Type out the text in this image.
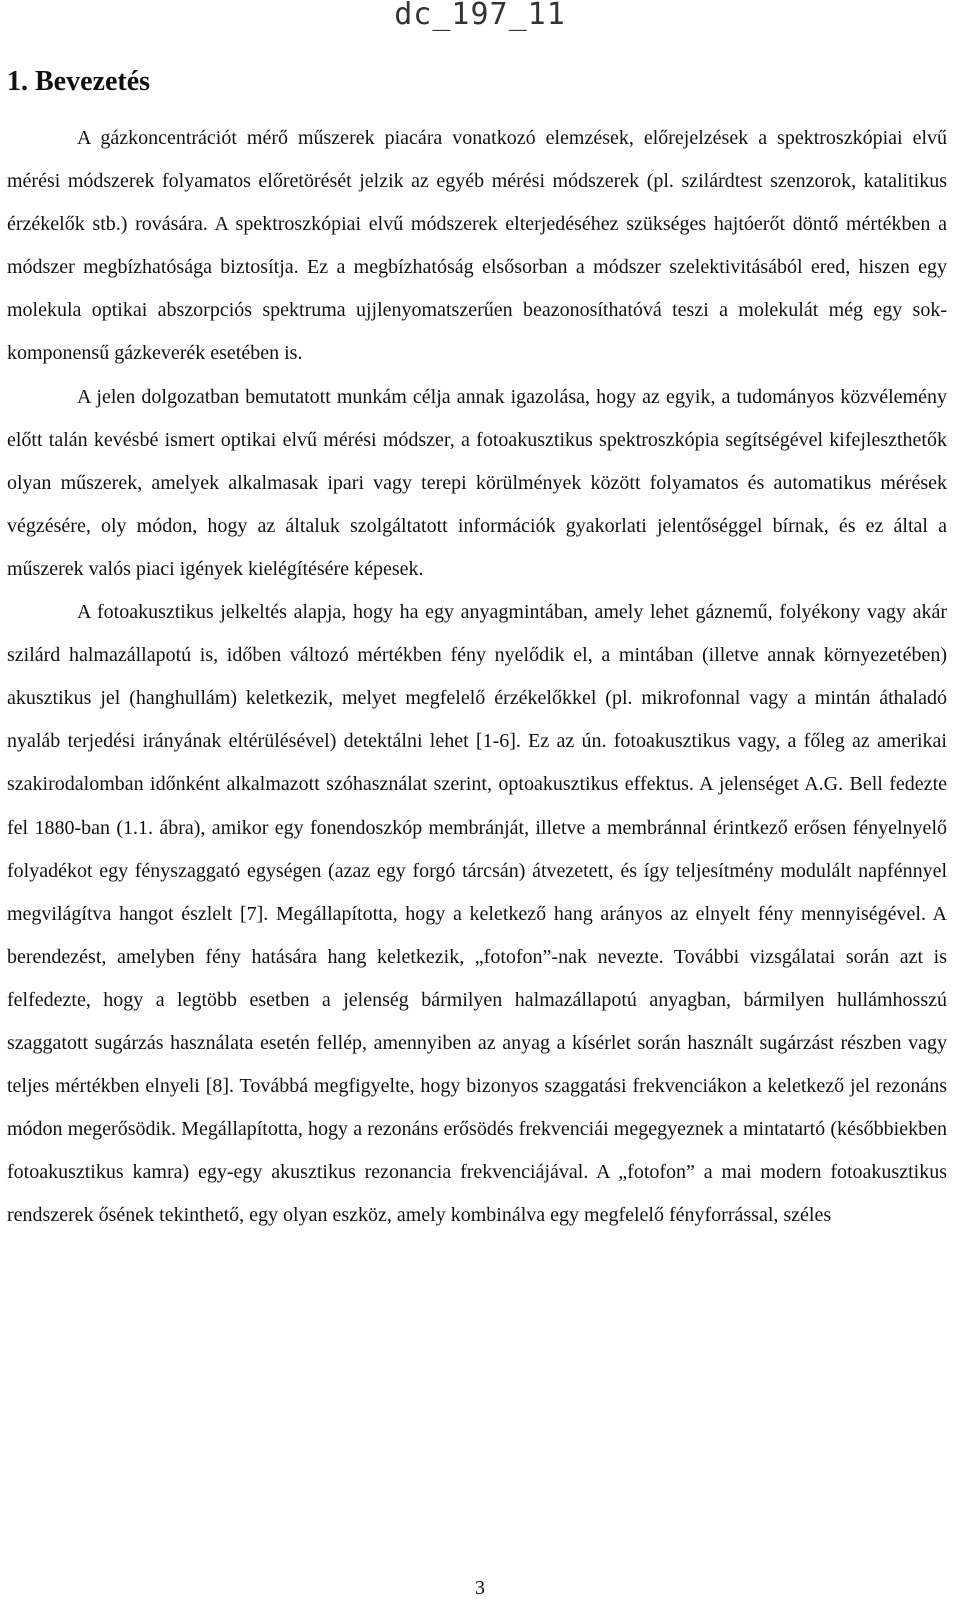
dc_197_11
1. Bevezetés

A gázkoncentrációt mérő műszerek piacára vonatkozó elemzések, előrejelzések a spektroszkópiai elvű mérési módszerek folyamatos előretörését jelzik az egyéb mérési módszerek (pl. szilárdtest szenzorok, katalitikus érzékelők stb.) rovására. A spektroszkópiai elvű módszerek elterjedéséhez szükséges hajtóerőt döntő mértékben a módszer megbízhatósága biztosítja. Ez a megbízhatóság elsősorban a módszer szelektivitásából ered, hiszen egy molekula optikai abszorpciós spektruma ujjlenyomatszerűen beazonosíthatóvá teszi a molekulát még egy sok-komponensű gázkeverék esetében is.

A jelen dolgozatban bemutatott munkám célja annak igazolása, hogy az egyik, a tudományos közvélemény előtt talán kevésbé ismert optikai elvű mérési módszer, a fotoakusztikus spektroszkópia segítségével kifejleszthetők olyan műszerek, amelyek alkalmasak ipari vagy terepi körülmények között folyamatos és automatikus mérések végzésére, oly módon, hogy az általuk szolgáltatott információk gyakorlati jelentőséggel bírnak, és ez által a műszerek valós piaci igények kielégítésére képesek.

A fotoakusztikus jelkeltés alapja, hogy ha egy anyagmintában, amely lehet gáznemű, folyékony vagy akár szilárd halmazállapotú is, időben változó mértékben fény nyelődik el, a mintában (illetve annak környezetében) akusztikus jel (hanghullám) keletkezik, melyet megfelelő érzékelőkkel (pl. mikrofonnal vagy a mintán áthaladó nyaláb terjedési irányának eltérülésével) detektálni lehet [1-6]. Ez az ún. fotoakusztikus vagy, a főleg az amerikai szakirodalomban időnként alkalmazott szóhasználat szerint, optoakusztikus effektus. A jelenséget A.G. Bell fedezte fel 1880-ban (1.1. ábra), amikor egy fonendoszkóp membránját, illetve a membránnal érintkező erősen fényelnyelő folyadékot egy fényszaggató egységen (azaz egy forgó tárcsán) átvezetett, és így teljesítmény modulált napfénnyel megvilágítva hangot észlelt [7]. Megállapította, hogy a keletkező hang arányos az elnyelt fény mennyiségével. A berendezést, amelyben fény hatására hang keletkezik, „fotofon”-nak nevezte. További vizsgálatai során azt is felfedezte, hogy a legtöbb esetben a jelenség bármilyen halmazállapotú anyagban, bármilyen hullámhosszú szaggatott sugárzás használata esetén fellép, amennyiben az anyag a kísérlet során használt sugárzást részben vagy teljes mértékben elnyeli [8]. Továbbá megfigyelte, hogy bizonyos szaggatási frekvenciákon a keletkező jel rezonáns módon megerősödik. Megállapította, hogy a rezonáns erősödés frekvenciái megegyeznek a mintatartó (későbbiekben fotoakusztikus kamra) egy-egy akusztikus rezonancia frekvenciájával. A „fotofon” a mai modern fotoakusztikus rendszerek ősének tekinthető, egy olyan eszköz, amely kombinálva egy megfelelő fényforrással, széles

3
